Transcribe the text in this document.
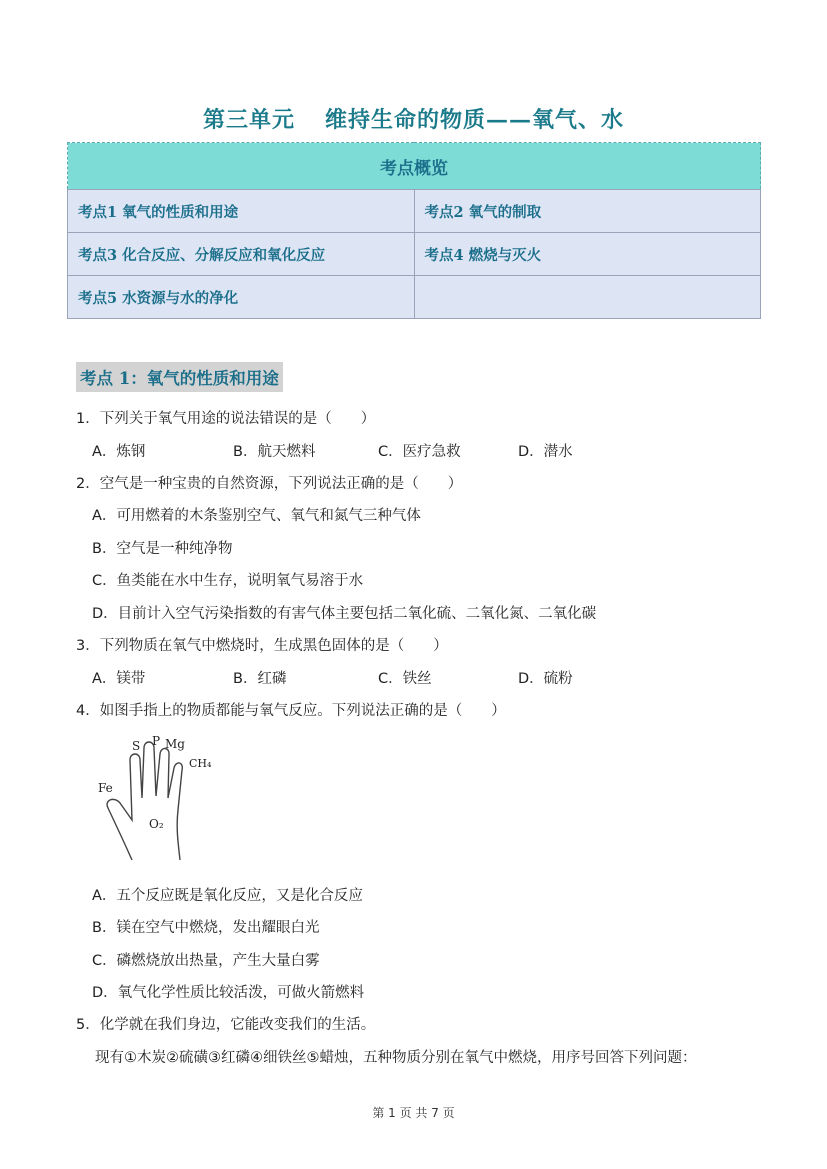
第三单元 维持生命的物质——氧气、水
考点概览	
考点1 氧气的性质和用途	考点2 氧气的制取
考点3 化合反应、分解反应和氧化反应	考点4 燃烧与灭火
考点5 水资源与水的净化	
考点 1：氧气的性质和用途
1．下列关于氧气用途的说法错误的是（　　）
A．炼钢	B．航天燃料	C．医疗急救	D．潜水
2．空气是一种宝贵的自然资源，下列说法正确的是（　　）
A．可用燃着的木条鉴别空气、氧气和氮气三种气体
B．空气是一种纯净物
C．鱼类能在水中生存，说明氧气易溶于水
D．目前计入空气污染指数的有害气体主要包括二氧化硫、二氧化氮、二氧化碳
3．下列物质在氧气中燃烧时，生成黑色固体的是（　　）
A．镁带	B．红磷	C．铁丝	D．硫粉
4．如图手指上的物质都能与氧气反应。下列说法正确的是（　　）
S P Mg
CH₄
Fe
O₂
A．五个反应既是氧化反应，又是化合反应
B．镁在空气中燃烧，发出耀眼白光
C．磷燃烧放出热量，产生大量白雾
D．氧气化学性质比较活泼，可做火箭燃料
5．化学就在我们身边，它能改变我们的生活。
现有①木炭②硫磺③红磷④细铁丝⑤蜡烛，五种物质分别在氧气中燃烧，用序号回答下列问题：
第 1 页 共 7 页
